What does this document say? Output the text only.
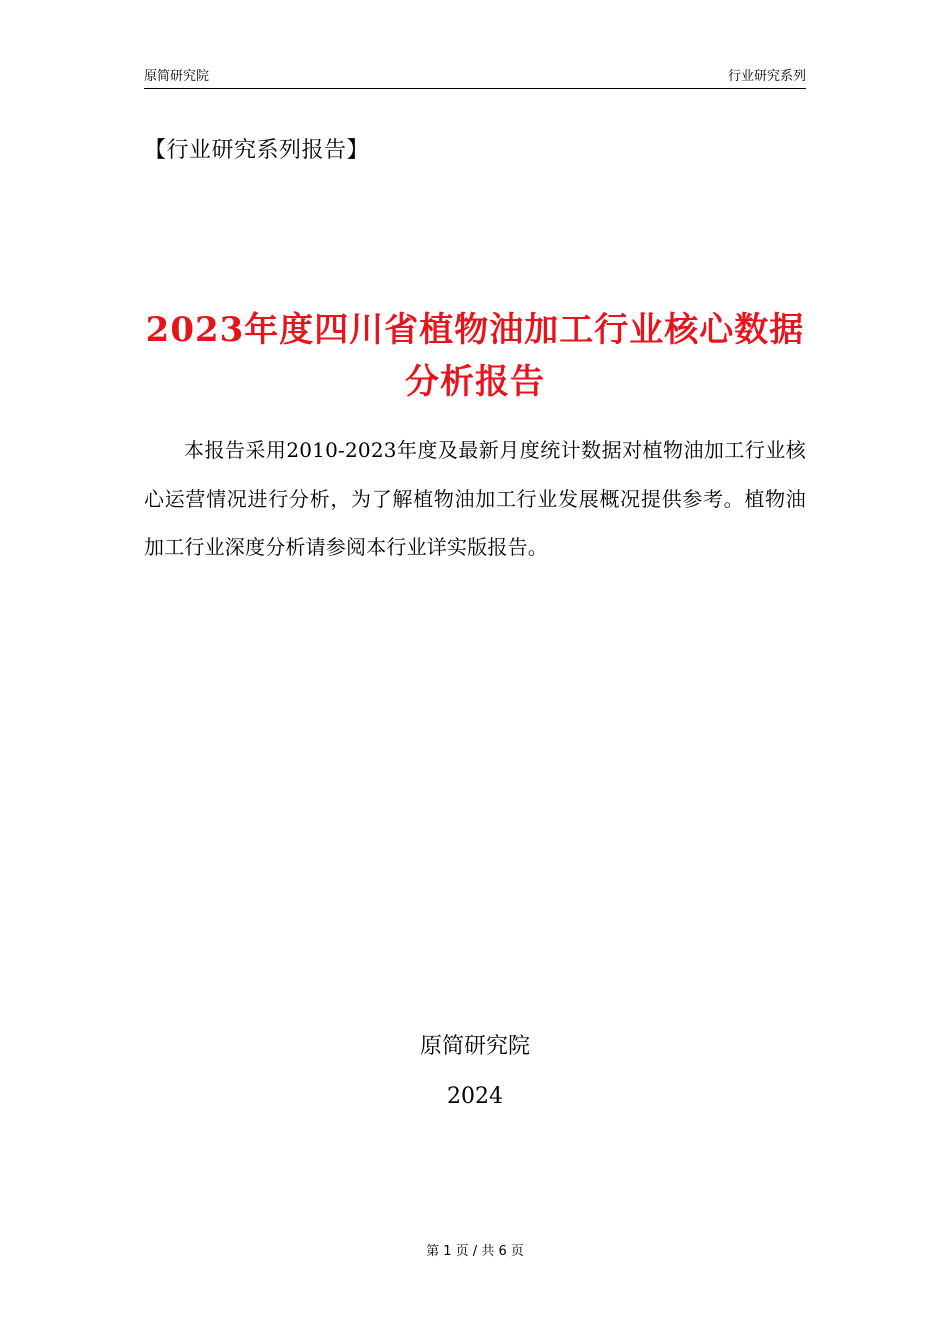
原简研究院	行业研究系列
【行业研究系列报告】
2023年度四川省植物油加工行业核心数据分析报告

本报告采用2010-2023年度及最新月度统计数据对植物油加工行业核心运营情况进行分析，为了解植物油加工行业发展概况提供参考。植物油加工行业深度分析请参阅本行业详实版报告。

原简研究院
2024
第 1 页 / 共 6 页
